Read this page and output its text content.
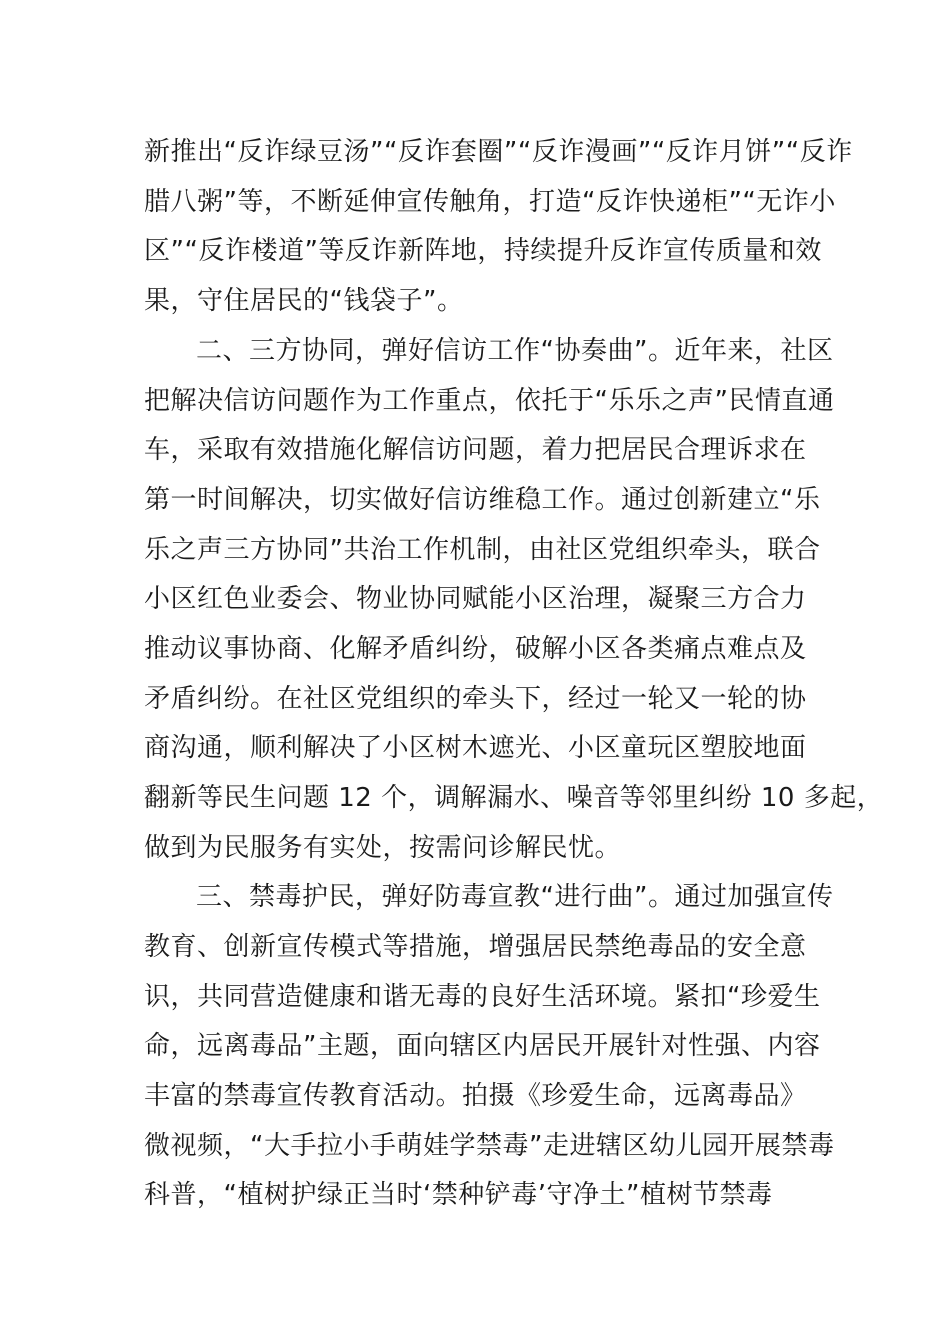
新推出“反诈绿豆汤”“反诈套圈”“反诈漫画”“反诈月饼”“反诈
腊八粥”等，不断延伸宣传触角，打造“反诈快递柜”“无诈小
区”“反诈楼道”等反诈新阵地，持续提升反诈宣传质量和效
果，守住居民的“钱袋子”。
二、三方协同，弹好信访工作“协奏曲”。近年来，社区
把解决信访问题作为工作重点，依托于“乐乐之声”民情直通
车，采取有效措施化解信访问题，着力把居民合理诉求在
第一时间解决，切实做好信访维稳工作。通过创新建立“乐
乐之声三方协同”共治工作机制，由社区党组织牵头，联合
小区红色业委会、物业协同赋能小区治理，凝聚三方合力
推动议事协商、化解矛盾纠纷，破解小区各类痛点难点及
矛盾纠纷。在社区党组织的牵头下，经过一轮又一轮的协
商沟通，顺利解决了小区树木遮光、小区童玩区塑胶地面
翻新等民生问题 12 个，调解漏水、噪音等邻里纠纷 10 多起，
做到为民服务有实处，按需问诊解民忧。
三、禁毒护民，弹好防毒宣教“进行曲”。通过加强宣传
教育、创新宣传模式等措施，增强居民禁绝毒品的安全意
识，共同营造健康和谐无毒的良好生活环境。紧扣“珍爱生
命，远离毒品”主题，面向辖区内居民开展针对性强、内容
丰富的禁毒宣传教育活动。拍摄《珍爱生命，远离毒品》
微视频，“大手拉小手萌娃学禁毒”走进辖区幼儿园开展禁毒
科普，“植树护绿正当时‘禁种铲毒’守净土”植树节禁毒
